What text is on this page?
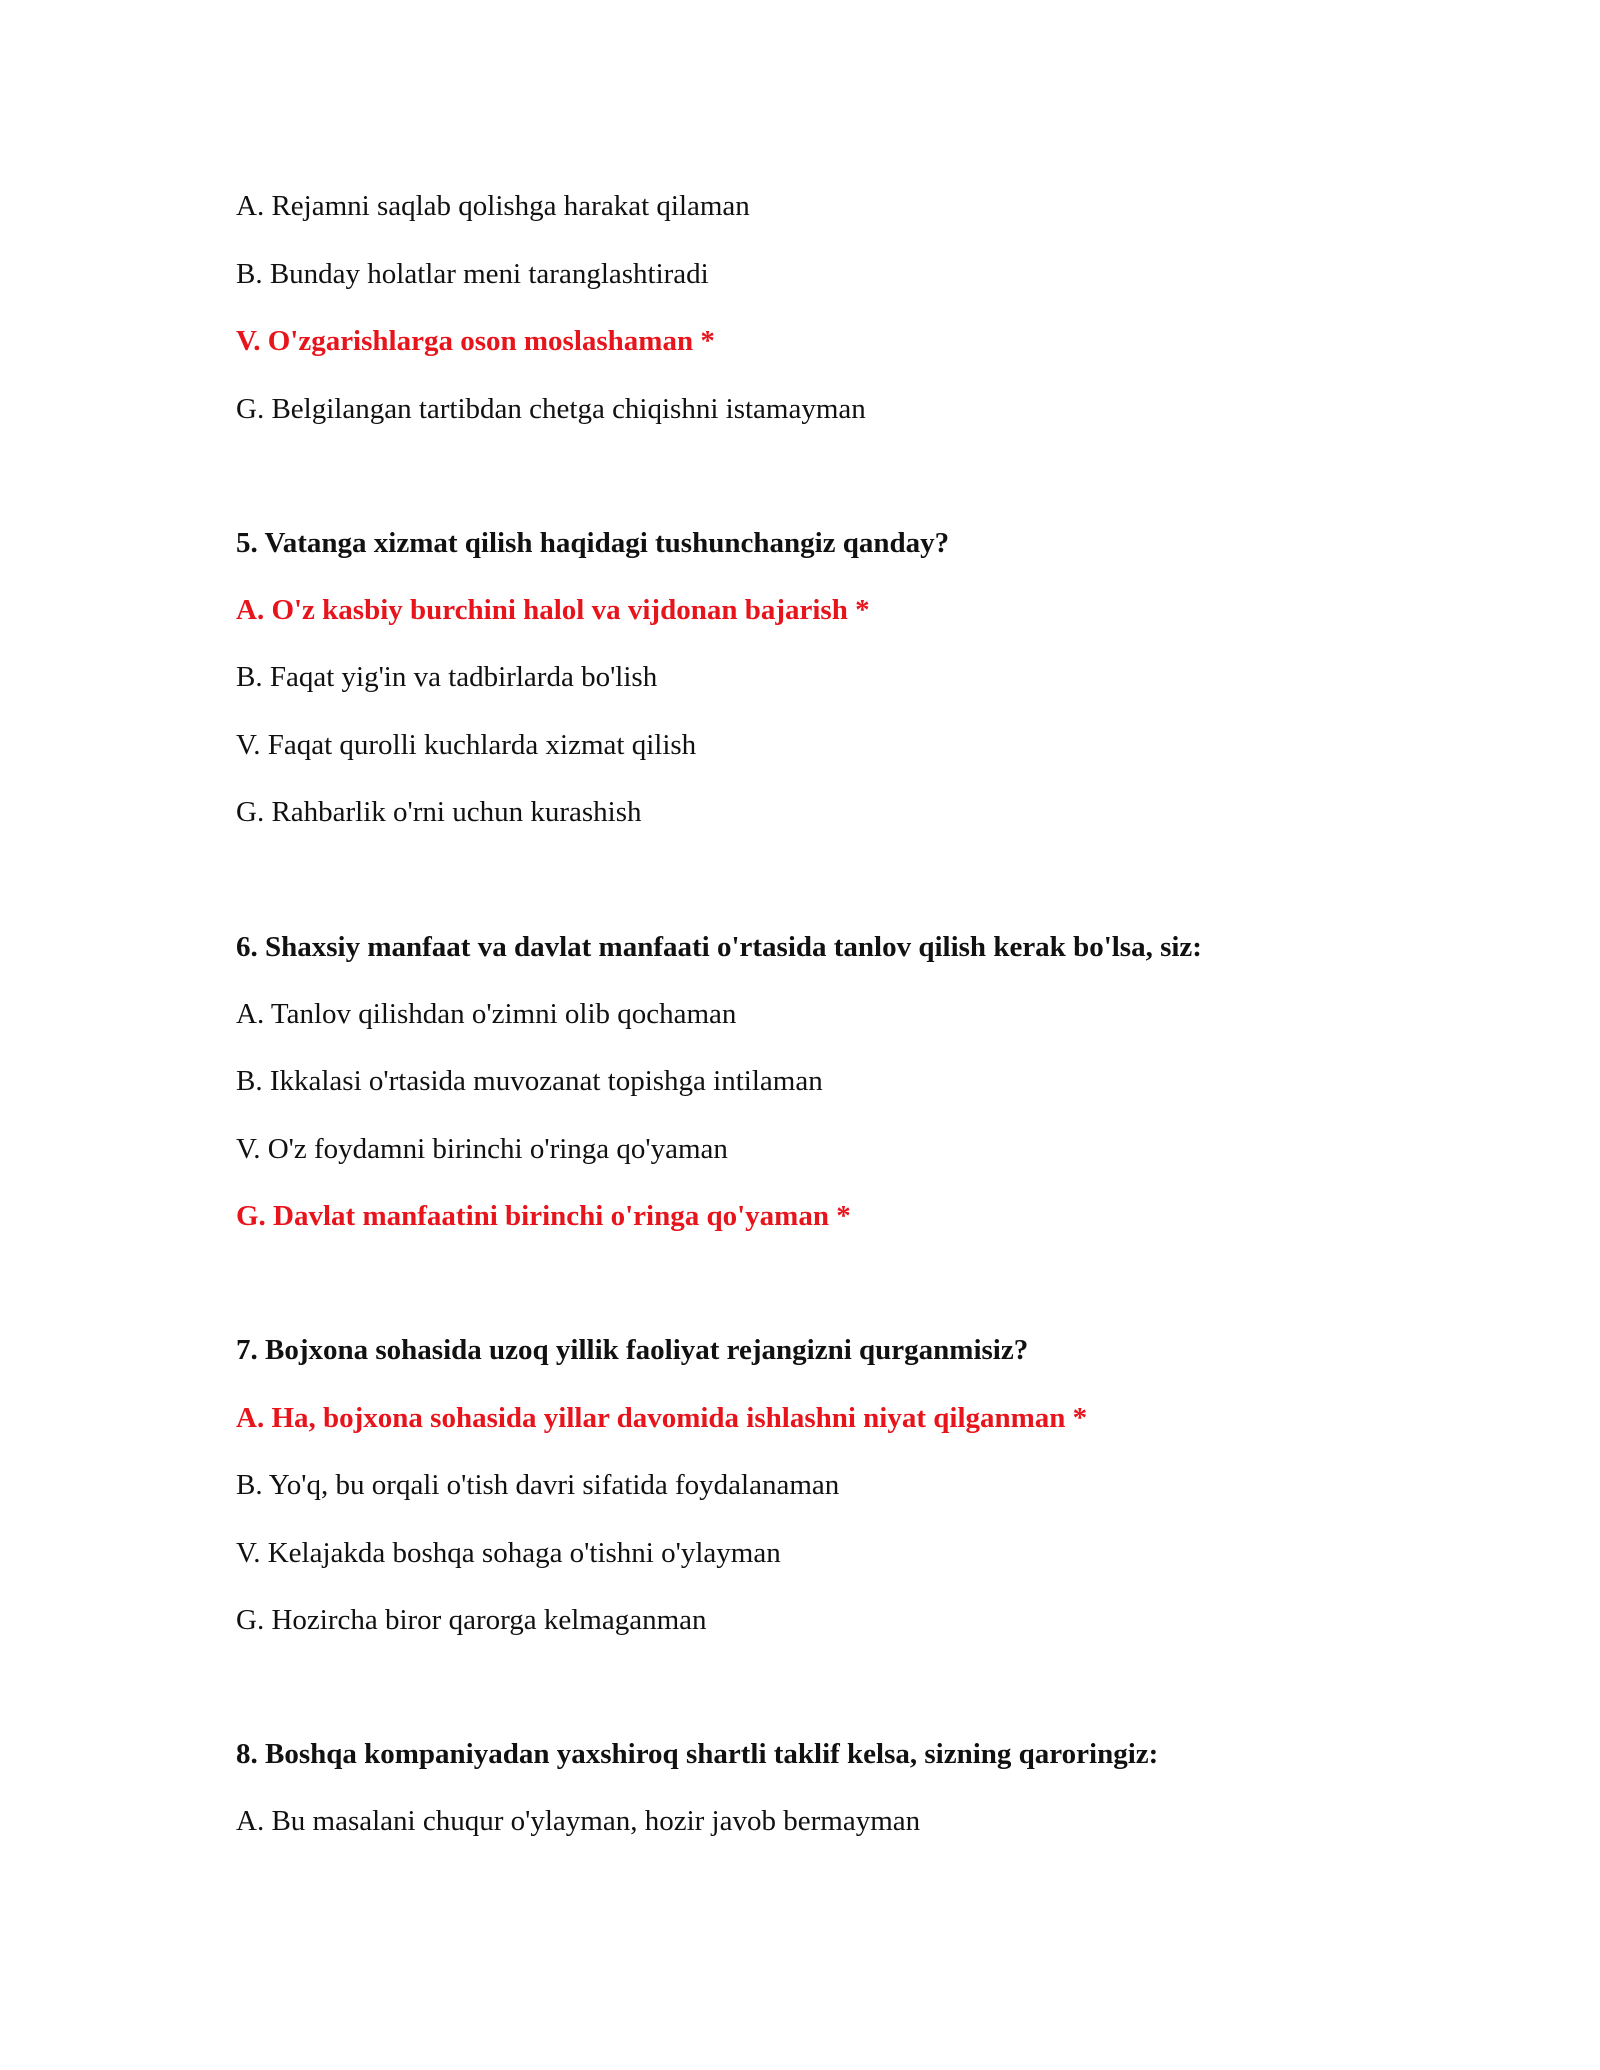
A. Rejamni saqlab qolishga harakat qilaman
B. Bunday holatlar meni taranglashtiradi
V. O'zgarishlarga oson moslashaman *
G. Belgilangan tartibdan chetga chiqishni istamayman
5. Vatanga xizmat qilish haqidagi tushunchangiz qanday?
A. O'z kasbiy burchini halol va vijdonan bajarish *
B. Faqat yig'in va tadbirlarda bo'lish
V. Faqat qurolli kuchlarda xizmat qilish
G. Rahbarlik o'rni uchun kurashish
6. Shaxsiy manfaat va davlat manfaati o'rtasida tanlov qilish kerak bo'lsa, siz:
A. Tanlov qilishdan o'zimni olib qochaman
B. Ikkalasi o'rtasida muvozanat topishga intilaman
V. O'z foydamni birinchi o'ringa qo'yaman
G. Davlat manfaatini birinchi o'ringa qo'yaman *
7. Bojxona sohasida uzoq yillik faoliyat rejangizni qurganmisiz?
A. Ha, bojxona sohasida yillar davomida ishlashni niyat qilganman *
B. Yo'q, bu orqali o'tish davri sifatida foydalanaman
V. Kelajakda boshqa sohaga o'tishni o'ylayman
G. Hozircha biror qarorga kelmaganman
8. Boshqa kompaniyadan yaxshiroq shartli taklif kelsa, sizning qaroringiz:
A. Bu masalani chuqur o'ylayman, hozir javob bermayman
